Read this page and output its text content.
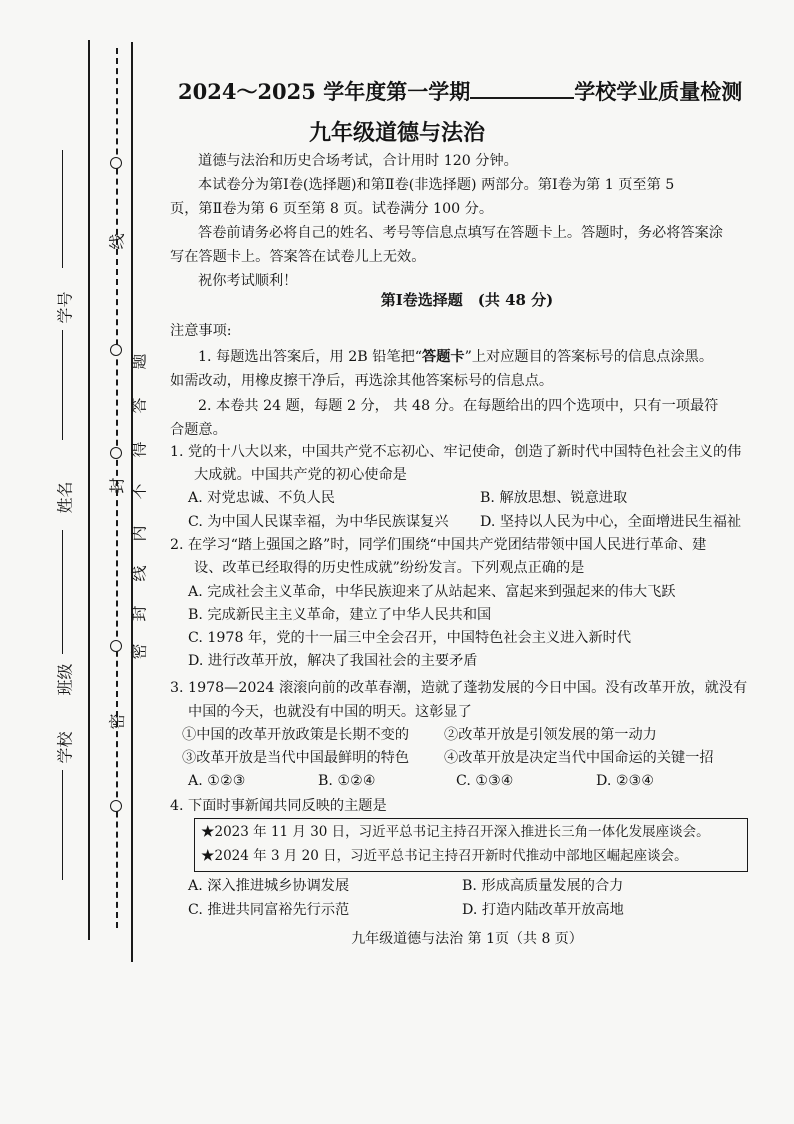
线
封
密
题
答
得
不
内
线
封
密
学号
姓名
班级
学校
2024～2025 学年度第一学期	学校学业质量检测
九年级道德与法治
道德与法治和历史合场考试，合计用时 120 分钟。
本试卷分为第Ⅰ卷(选择题)和第Ⅱ卷(非选择题) 两部分。第Ⅰ卷为第 1 页至第 5
页，第Ⅱ卷为第 6 页至第 8 页。试卷满分 100 分。
答卷前请务必将自己的姓名、考号等信息点填写在答题卡上。答题时，务必将答案涂
写在答题卡上。答案答在试卷儿上无效。
祝你考试顺利！
第Ⅰ卷选择题　(共 48 分)
注意事项:
1. 每题选出答案后，用 2B 铅笔把“答题卡”上对应题目的答案标号的信息点涂黑。
如需改动，用橡皮擦干净后，再选涂其他答案标号的信息点。
2. 本卷共 24 题，每题 2 分， 共 48 分。在每题给出的四个选项中，只有一项最符
合题意。
1. 党的十八大以来，中国共产党不忘初心、牢记使命，创造了新时代中国特色社会主义的伟
大成就。中国共产党的初心使命是
A. 对党忠诚、不负人民	B. 解放思想、锐意进取
C. 为中国人民谋幸福，为中华民族谋复兴 D. 坚持以人民为中心，全面增进民生福祉
2. 在学习“踏上强国之路”时，同学们围绕“中国共产党团结带领中国人民进行革命、建
设、改革已经取得的历史性成就”纷纷发言。下列观点正确的是
A. 完成社会主义革命，中华民族迎来了从站起来、富起来到强起来的伟大飞跃
B. 完成新民主主义革命，建立了中华人民共和国
C. 1978 年，党的十一届三中全会召开，中国特色社会主义进入新时代
D. 进行改革开放，解决了我国社会的主要矛盾
3. 1978—2024 滚滚向前的改革春潮，造就了蓬勃发展的今日中国。没有改革开放，就没有
中国的今天，也就没有中国的明天。这彰显了
①中国的改革开放政策是长期不变的 ②改革开放是引领发展的第一动力
③改革开放是当代中国最鲜明的特色 ④改革开放是决定当代中国命运的关键一招
A. ①②③	B. ①②④	C. ①③④	D. ②③④
4. 下面时事新闻共同反映的主题是
★2023 年 11 月 30 日，习近平总书记主持召开深入推进长三角一体化发展座谈会。
★2024 年 3 月 20 日，习近平总书记主持召开新时代推动中部地区崛起座谈会。
A. 深入推进城乡协调发展	B. 形成高质量发展的合力
C. 推进共同富裕先行示范	D. 打造内陆改革开放高地
九年级道德与法治 第 1页（共 8 页）
